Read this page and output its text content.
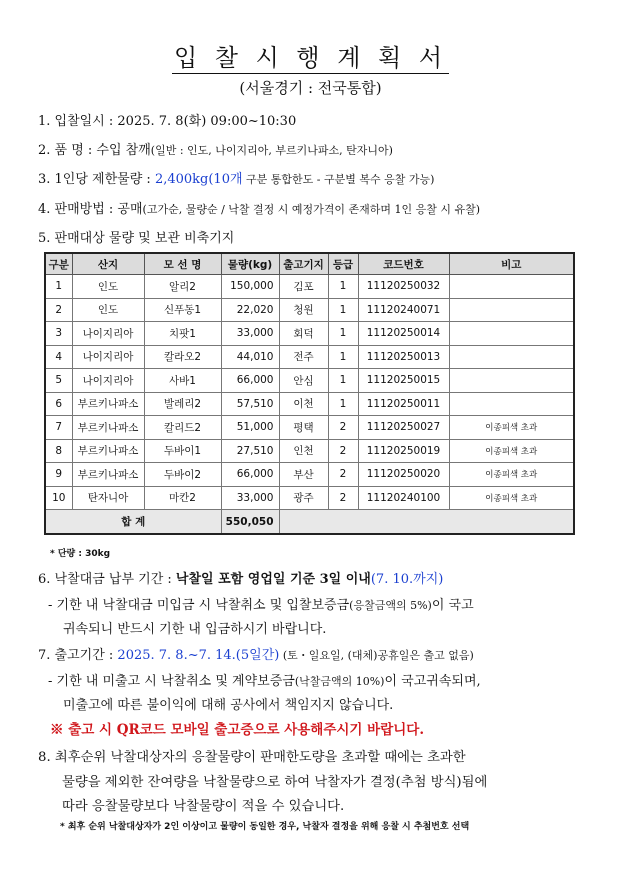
입 찰 시 행 계 획 서
(서울경기 : 전국통합)
1. 입찰일시 : 2025. 7. 8(화) 09:00~10:30
2. 품 명 : 수입 참깨(일반 : 인도, 나이지리아, 부르키나파소, 탄자니아)
3. 1인당 제한물량 : 2,400kg(10개 구분 통합한도 - 구분별 복수 응찰 가능)
4. 판매방법 : 공매(고가순, 물량순 / 낙찰 결정 시 예정가격이 존재하며 1인 응찰 시 유찰)
5. 판매대상 물량 및 보관 비축기지
구분	산지	모 선 명	물량(kg)	출고기지	등급	코드번호	비고
1	인도	알리2	150,000	김포	1	11120250032	
2	인도	신푸동1	22,020	청원	1	11120240071	
3	나이지리아	치팟1	33,000	회덕	1	11120250014	
4	나이지리아	칼라오2	44,010	전주	1	11120250013	
5	나이지리아	사바1	66,000	안심	1	11120250015	
6	부르키나파소	발레리2	57,510	이천	1	11120250011	
7	부르키나파소	칼리드2	51,000	평택	2	11120250027	이종피색 초과
8	부르키나파소	두바이1	27,510	인천	2	11120250019	이종피색 초과
9	부르키나파소	두바이2	66,000	부산	2	11120250020	이종피색 초과
10	탄자니아	마칸2	33,000	광주	2	11120240100	이종피색 초과
합 계			550,050				
* 단량 : 30kg
6. 낙찰대금 납부 기간 : 낙찰일 포함 영업일 기준 3일 이내(7. 10.까지)
- 기한 내 낙찰대금 미입금 시 낙찰취소 및 입찰보증금(응찰금액의 5%)이 국고
귀속되니 반드시 기한 내 입금하시기 바랍니다.
7. 출고기간 : 2025. 7. 8.~7. 14.(5일간) (토・일요일, (대체)공휴일은 출고 없음)
- 기한 내 미출고 시 낙찰취소 및 계약보증금(낙찰금액의 10%)이 국고귀속되며,
미출고에 따른 불이익에 대해 공사에서 책임지지 않습니다.
※ 출고 시 QR코드 모바일 출고증으로 사용해주시기 바랍니다.
8. 최후순위 낙찰대상자의 응찰물량이 판매한도량을 초과할 때에는 초과한
물량을 제외한 잔여량을 낙찰물량으로 하여 낙찰자가 결정(추첨 방식)됨에
따라 응찰물량보다 낙찰물량이 적을 수 있습니다.
* 최후 순위 낙찰대상자가 2인 이상이고 물량이 동일한 경우, 낙찰자 결정을 위해 응찰 시 추첨번호 선택
